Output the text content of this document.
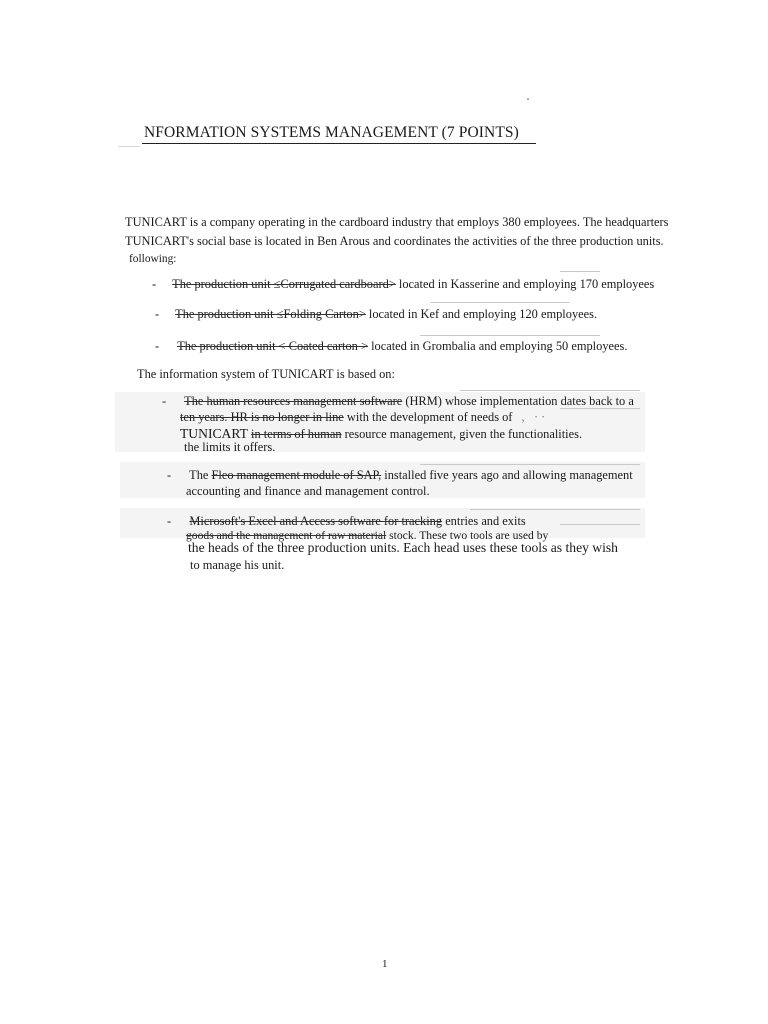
NFORMATION SYSTEMS MANAGEMENT (7 POINTS)
TUNICART is a company operating in the cardboard industry that employs 380 employees. The headquarters
TUNICART's social base is located in Ben Arous and coordinates the activities of the three production units.
following:
- The production unit ≤Corrugated cardboard> located in Kasserine and employing 170 employees
- The production unit ≤Folding Carton> located in Kef and employing 120 employees.
- The production unit < Coated carton > located in Grombalia and employing 50 employees.
The information system of TUNICART is based on:
- The human resources management software (HRM) whose implementation dates back to a
ten years. HR is no longer in line with the development of needs of ,   · ·
TUNICART in terms of human resource management, given the functionalities.
the limits it offers.
- The Fleo management module of SAP, installed five years ago and allowing management
accounting and finance and management control.
- Microsoft's Excel and Access software for tracking entries and exits
goods and the management of raw material stock. These two tools are used by
the heads of the three production units. Each head uses these tools as they wish
to manage his unit.
1
